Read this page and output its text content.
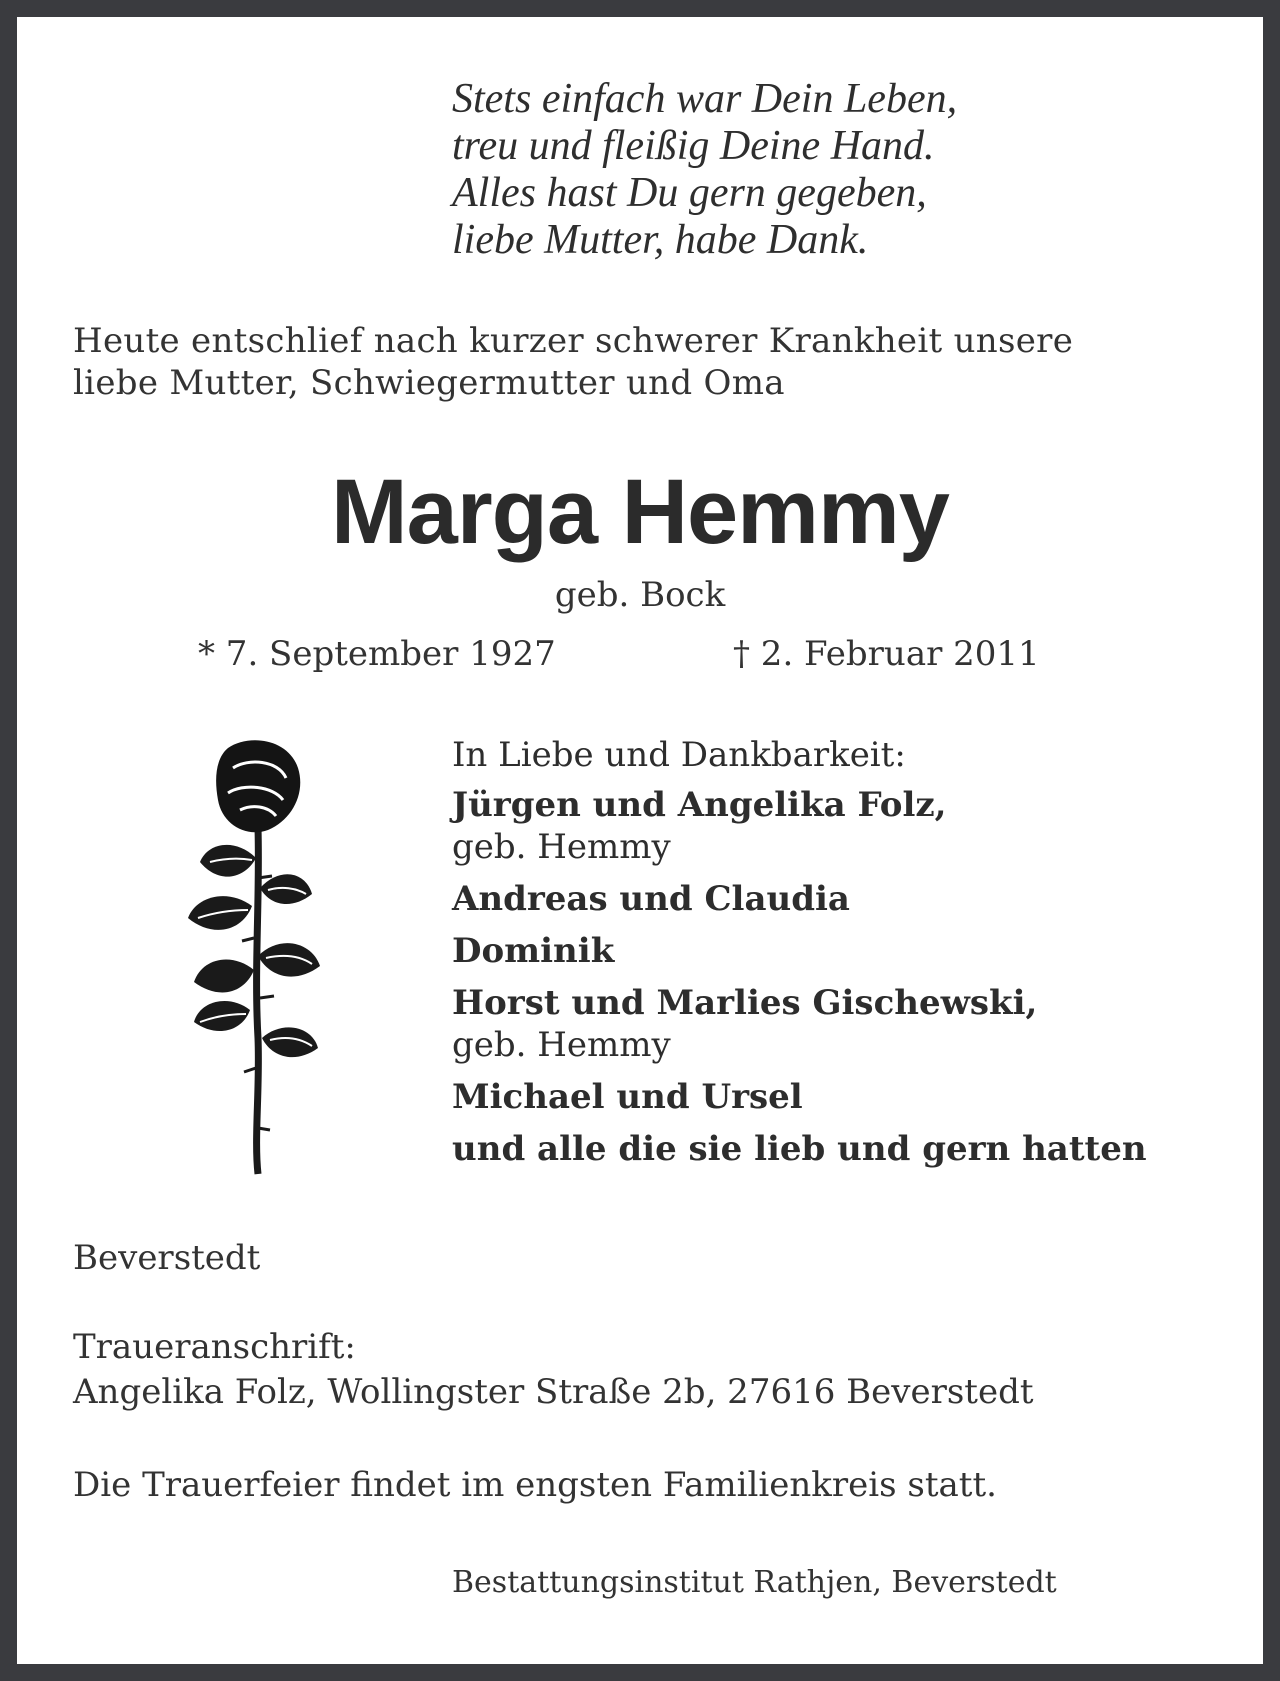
Stets einfach war Dein Leben,
treu und fleißig Deine Hand.
Alles hast Du gern gegeben,
liebe Mutter, habe Dank.
Heute entschlief nach kurzer schwerer Krankheit unsere
liebe Mutter, Schwiegermutter und Oma
Marga Hemmy
geb. Bock
* 7. September 1927	† 2. Februar 2011
In Liebe und Dankbarkeit:
Jürgen und Angelika Folz,
geb. Hemmy
Andreas und Claudia
Dominik
Horst und Marlies Gischewski,
geb. Hemmy
Michael und Ursel
und alle die sie lieb und gern hatten
Beverstedt
Traueranschrift:
Angelika Folz, Wollingster Straße 2b, 27616 Beverstedt
Die Trauerfeier findet im engsten Familienkreis statt.
Bestattungsinstitut Rathjen, Beverstedt
